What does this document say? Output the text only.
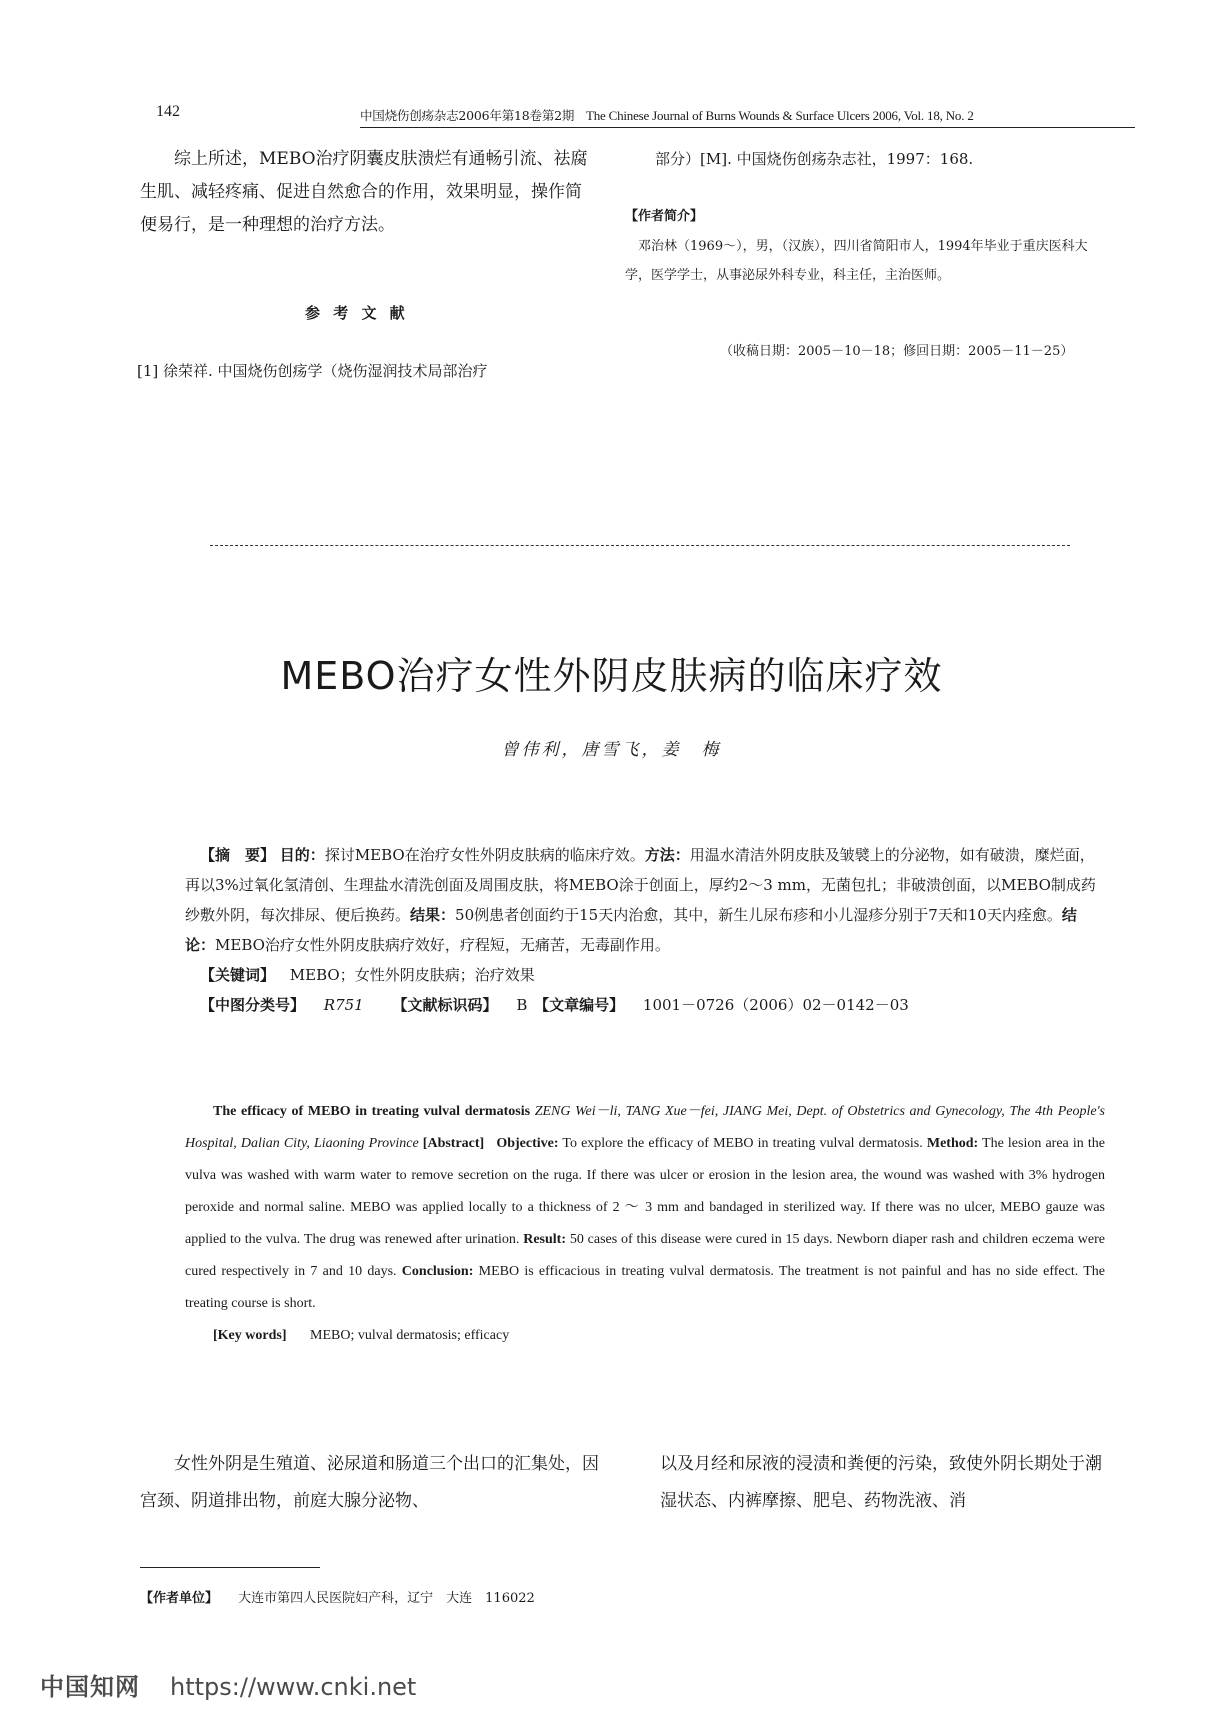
142	中国烧伤创疡杂志2006年第18卷第2期 The Chinese Journal of Burns Wounds & Surface Ulcers 2006, Vol. 18, No. 2
综上所述，MEBO治疗阴囊皮肤溃烂有通畅引流、祛腐生肌、减轻疼痛、促进自然愈合的作用，效果明显，操作简便易行，是一种理想的治疗方法。
参 考 文 献
[1] 徐荣祥. 中国烧伤创疡学（烧伤湿润技术局部治疗
部分）[M]. 中国烧伤创疡杂志社，1997：168.
【作者简介】
邓治林（1969～），男，（汉族），四川省简阳市人，1994年毕业于重庆医科大学，医学学士，从事泌尿外科专业，科主任，主治医师。
（收稿日期：2005－10－18；修回日期：2005－11－25）
MEBO治疗女性外阴皮肤病的临床疗效
曾伟利，唐雪飞，姜　梅
【摘　要】 目的：探讨MEBO在治疗女性外阴皮肤病的临床疗效。方法：用温水清洁外阴皮肤及皱襞上的分泌物，如有破溃，糜烂面，再以3%过氧化氢清创、生理盐水清洗创面及周围皮肤，将MEBO涂于创面上，厚约2～3 mm，无菌包扎；非破溃创面，以MEBO制成药纱敷外阴，每次排尿、便后换药。结果：50例患者创面约于15天内治愈，其中，新生儿尿布疹和小儿湿疹分别于7天和10天内痊愈。结论：MEBO治疗女性外阴皮肤病疗效好，疗程短，无痛苦，无毒副作用。
【关键词】 MEBO；女性外阴皮肤病；治疗效果
【中图分类号】 R751 【文献标识码】 B 【文章编号】 1001－0726（2006）02－0142－03
The efficacy of MEBO in treating vulval dermatosis ZENG Wei－li, TANG Xue－fei, JIANG Mei, Dept. of Obstetrics and Gynecology, The 4th People's Hospital, Dalian City, Liaoning Province [Abstract] Objective: To explore the efficacy of MEBO in treating vulval dermatosis. Method: The lesion area in the vulva was washed with warm water to remove secretion on the ruga. If there was ulcer or erosion in the lesion area, the wound was washed with 3% hydrogen peroxide and normal saline. MEBO was applied locally to a thickness of 2 ～ 3 mm and bandaged in sterilized way. If there was no ulcer, MEBO gauze was applied to the vulva. The drug was renewed after urination. Result: 50 cases of this disease were cured in 15 days. Newborn diaper rash and children eczema were cured respectively in 7 and 10 days. Conclusion: MEBO is efficacious in treating vulval dermatosis. The treatment is not painful and has no side effect. The treating course is short.
[Key words] MEBO; vulval dermatosis; efficacy
女性外阴是生殖道、泌尿道和肠道三个出口的汇集处，因宫颈、阴道排出物，前庭大腺分泌物、
以及月经和尿液的浸渍和粪便的污染，致使外阴长期处于潮湿状态、内裤摩擦、肥皂、药物洗液、消
【作者单位】 大连市第四人民医院妇产科，辽宁　大连　116022
中国知网 https://www.cnki.net
